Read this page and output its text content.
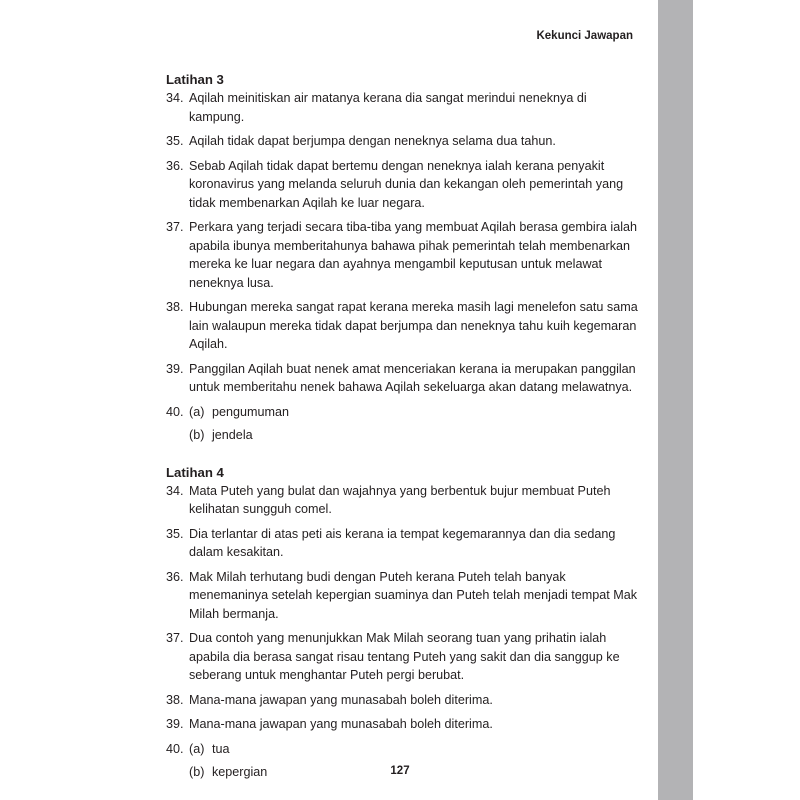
Kekunci Jawapan
Latihan 3
34. Aqilah meinitiskan air matanya kerana dia sangat merindui neneknya di kampung.
35. Aqilah tidak dapat berjumpa dengan neneknya selama dua tahun.
36. Sebab Aqilah tidak dapat bertemu dengan neneknya ialah kerana penyakit koronavirus yang melanda seluruh dunia dan kekangan oleh pemerintah yang tidak membenarkan Aqilah ke luar negara.
37. Perkara yang terjadi secara tiba-tiba yang membuat Aqilah berasa gembira ialah apabila ibunya memberitahunya bahawa pihak pemerintah telah membenarkan mereka ke luar negara dan ayahnya mengambil keputusan untuk melawat neneknya lusa.
38. Hubungan mereka sangat rapat kerana mereka masih lagi menelefon satu sama lain walaupun mereka tidak dapat berjumpa dan neneknya tahu kuih kegemaran Aqilah.
39. Panggilan Aqilah buat nenek amat menceriakan kerana ia merupakan panggilan untuk memberitahu nenek bahawa Aqilah sekeluarga akan datang melawatnya.
40. (a) pengumuman
(b) jendela
Latihan 4
34. Mata Puteh yang bulat dan wajahnya yang berbentuk bujur membuat Puteh kelihatan sungguh comel.
35. Dia terlantar di atas peti ais kerana ia tempat kegemarannya dan dia sedang dalam kesakitan.
36. Mak Milah terhutang budi dengan Puteh kerana Puteh telah banyak menemaninya setelah kepergian suaminya dan Puteh telah menjadi tempat Mak Milah bermanja.
37. Dua contoh yang menunjukkan Mak Milah seorang tuan yang prihatin ialah apabila dia berasa sangat risau tentang Puteh yang sakit dan dia sanggup ke seberang untuk menghantar Puteh pergi berubat.
38. Mana-mana jawapan yang munasabah boleh diterima.
39. Mana-mana jawapan yang munasabah boleh diterima.
40. (a) tua
(b) kepergian	127
